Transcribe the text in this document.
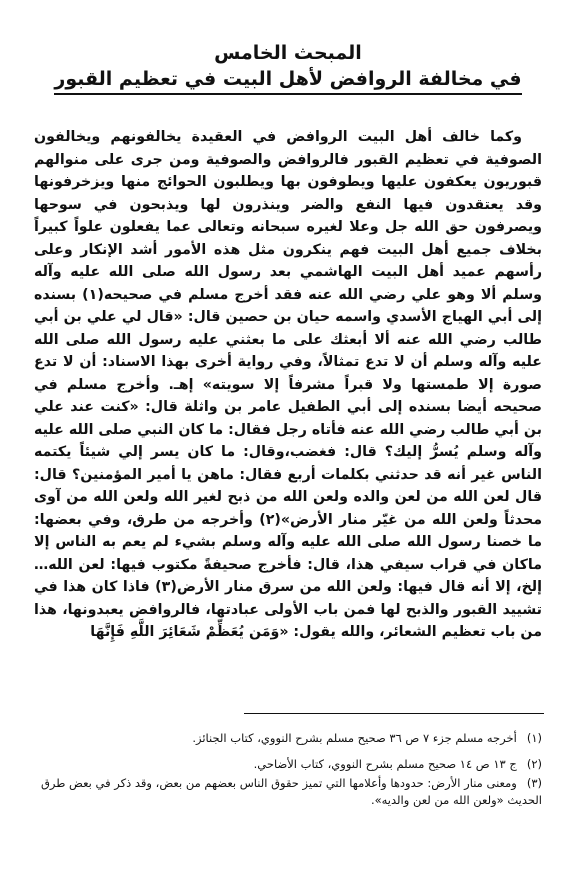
المبحث الخامس
في مخالفة الروافض لأهل البيت في تعظيم القبور

وكما خالف أهل البيت الروافض في العقيدة يخالفونهم ويخالفون الصوفية في تعظيم القبور فالروافض والصوفية ومن جرى على منوالهم قبوريون يعكفون عليها ويطوفون بها ويطلبون الحوائج منها ويزخرفونها وقد يعتقدون فيها النفع والضر وينذرون لها ويذبحون في سوحها ويصرفون حق الله جل وعلا لغيره سبحانه وتعالى عما يفعلون علواً كبيراً بخلاف جميع أهل البيت فهم ينكرون مثل هذه الأمور أشد الإنكار وعلى رأسهم عميد أهل البيت الهاشمي بعد رسول الله صلى الله عليه وآله وسلم ألا وهو علي رضي الله عنه فقد أخرج مسلم في صحيحه(١) بسنده إلى أبي الهياج الأسدي واسمه حيان بن حصين قال: «قال لي علي بن أبي طالب رضي الله عنه ألا أبعثك على ما بعثني عليه رسول الله صلى الله عليه وآله وسلم أن لا تدع تمثالاً، وفي رواية أخرى بهذا الاسناد: أن لا تدع صورة إلا طمستها ولا قبراً مشرفاً إلا سويته» إهـ. وأخرج مسلم في صحيحه أيضا بسنده إلى أبي الطفيل عامر بن واثلة قال: «كنت عند علي بن أبي طالب رضي الله عنه فأتاه رجل فقال: ما كان النبي صلى الله عليه وآله وسلم يُسرُّ إليك؟ قال: فغضب،وقال: ما كان يسر إلي شيئاً يكتمه الناس غير أنه قد حدثني بكلمات أربع فقال: ماهن يا أمير المؤمنين؟ قال: قال لعن الله من لعن والده ولعن الله من ذبح لغير الله ولعن الله من آوى محدثاً ولعن الله من غيّر منار الأرض»(٢) وأخرجه من طرق، وفي بعضها: ما خصنا رسول الله صلى الله عليه وآله وسلم بشيء لم يعم به الناس إلا ماكان في قراب سيفي هذا، قال: فأخرج صحيفةً مكتوب فيها: لعن الله…إلخ، إلا أنه قال فيها: ولعن الله من سرق منار الأرض(٣) فاذا كان هذا في تشييد القبور والذبح لها فمن باب الأولى عبادتها، فالروافض يعبدونها، هذا من باب تعظيم الشعائر، والله يقول: «وَمَن يُعَظِّمْ شَعَائِرَ اللَّهِ فَإِنَّهَا

(١)أخرجه مسلم جزء ٧ ص ٣٦ صحيح مسلم بشرح النووي، كتاب الجنائز.
(٢)ج ١٣ ص ١٤ صحيح مسلم بشرح النووي، كتاب الأضاحي.
(٣)ومعنى منار الأرض: حدودها وأعلامها التي تميز حقوق الناس بعضهم من بعض، وقد ذكر في بعض طرق الحديث «ولعن الله من لعن والديه».
